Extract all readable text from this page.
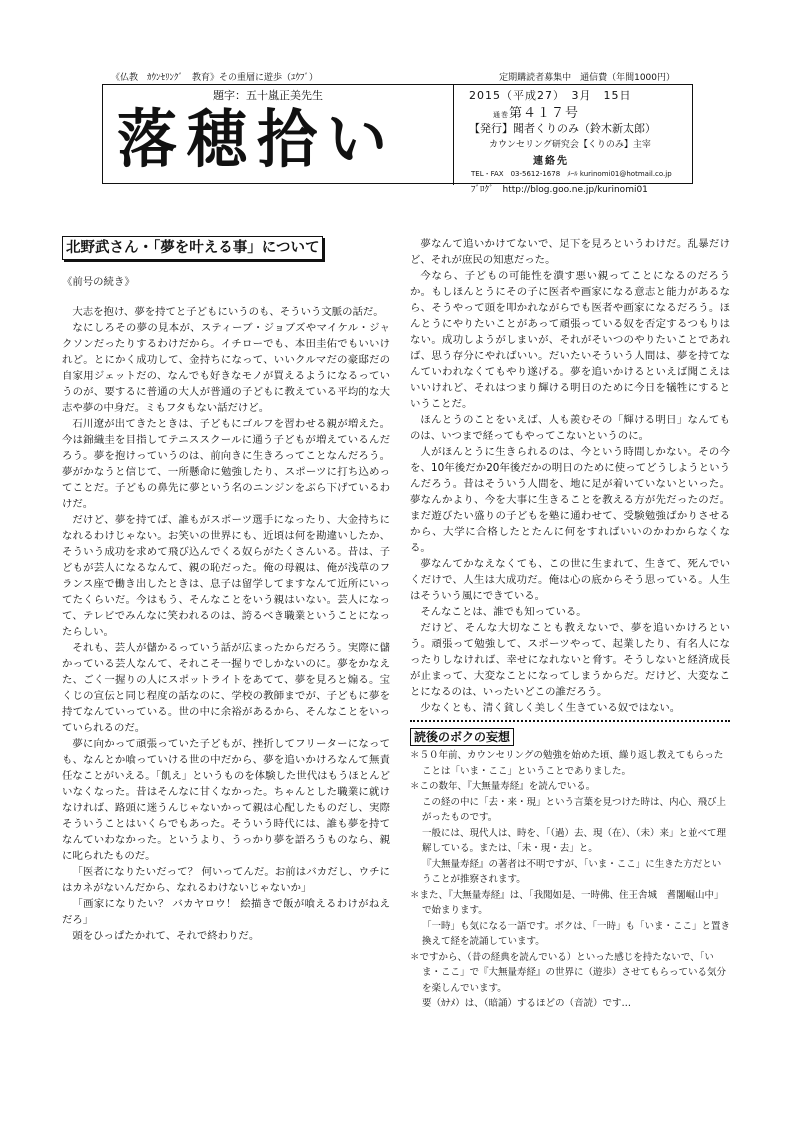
《仏教　ｶｳﾝｾﾘﾝｸﾞ　教育》その重層に遊歩（ﾕｳﾌﾞ）	定期購読者募集中　通信費（年間1000円）
題字：五十嵐正美先生
落穂拾い
2015（平成27）　3月　15日
通巻第４１７号
【発行】聞者くりのみ（鈴木新太郎）
カウンセリング研究会【くりのみ】主宰
連絡先
TEL・FAX　03-5612-1678　ﾒｰﾙ kurinomi01@hotmail.co.jp
ﾌﾞﾛｸﾞ　http://blog.goo.ne.jp/kurinomi01
北野武さん・「夢を叶える事」について
《前号の続き》
大志を抱け、夢を持てと子どもにいうのも、そういう文脈の話だ。
なにしろその夢の見本が、スティーブ・ジョブズやマイケル・ジャクソンだったりするわけだから。イチローでも、本田圭佑でもいいけれど。とにかく成功して、金持ちになって、いいクルマだの豪邸だの自家用ジェットだの、なんでも好きなモノが買えるようになるっていうのが、要するに普通の大人が普通の子どもに教えている平均的な大志や夢の中身だ。ミもフタもない話だけど。
石川遼が出てきたときは、子どもにゴルフを習わせる親が増えた。今は錦織圭を目指してテニススクールに通う子どもが増えているんだろう。夢を抱けっていうのは、前向きに生きろってことなんだろう。夢がかなうと信じて、一所懸命に勉強したり、スポーツに打ち込めってことだ。子どもの鼻先に夢という名のニンジンをぶら下げているわけだ。
だけど、夢を持てば、誰もがスポーツ選手になったり、大金持ちになれるわけじゃない。お笑いの世界にも、近頃は何を勘違いしたか、そういう成功を求めて飛び込んでくる奴らがたくさんいる。昔は、子どもが芸人になるなんて、親の恥だった。俺の母親は、俺が浅草のフランス座で働き出したときは、息子は留学してますなんて近所にいってたくらいだ。今はもう、そんなことをいう親はいない。芸人になって、テレビでみんなに笑われるのは、誇るべき職業ということになったらしい。
それも、芸人が儲かるっていう話が広まったからだろう。実際に儲かっている芸人なんて、それこそ一握りでしかないのに。夢をかなえた、ごく一握りの人にスポットライトをあてて、夢を見ろと煽る。宝くじの宣伝と同じ程度の話なのに、学校の教師までが、子どもに夢を持てなんていっている。世の中に余裕があるから、そんなことをいっていられるのだ。
夢に向かって頑張っていた子どもが、挫折してフリーターになっても、なんとか喰っていける世の中だから、夢を追いかけろなんて無責任なことがいえる。「飢え」というものを体験した世代はもうほとんどいなくなった。昔はそんなに甘くなかった。ちゃんとした職業に就けなければ、路頭に迷うんじゃないかって親は心配したものだし、実際そういうことはいくらでもあった。そういう時代には、誰も夢を持てなんていわなかった。というより、うっかり夢を語ろうものなら、親に叱られたものだ。
「医者になりたいだって？ 何いってんだ。お前はバカだし、ウチにはカネがないんだから、なれるわけないじゃないか」
「画家になりたい？ バカヤロウ！ 絵描きで飯が喰えるわけがねえだろ」
頭をひっぱたかれて、それで終わりだ。
夢なんて追いかけてないで、足下を見ろというわけだ。乱暴だけど、それが庶民の知恵だった。
今なら、子どもの可能性を潰す悪い親ってことになるのだろうか。もしほんとうにその子に医者や画家になる意志と能力があるなら、そうやって頭を叩かれながらでも医者や画家になるだろう。ほんとうにやりたいことがあって頑張っている奴を否定するつもりはない。成功しようがしまいが、それがそいつのやりたいことであれば、思う存分にやればいい。だいたいそういう人間は、夢を持てなんていわれなくてもやり遂げる。夢を追いかけるといえば聞こえはいいけれど、それはつまり輝ける明日のために今日を犠牲にするということだ。
ほんとうのことをいえば、人も羨むその「輝ける明日」なんてものは、いつまで経ってもやってこないというのに。
人がほんとうに生きられるのは、今という時間しかない。その今を、10年後だか20年後だかの明日のために使ってどうしようというんだろう。昔はそういう人間を、地に足が着いていないといった。夢なんかより、今を大事に生きることを教える方が先だったのだ。まだ遊びたい盛りの子どもを塾に通わせて、受験勉強ばかりさせるから、大学に合格したとたんに何をすればいいのかわからなくなる。
夢なんてかなえなくても、この世に生まれて、生きて、死んでいくだけで、人生は大成功だ。俺は心の底からそう思っている。人生はそういう風にできている。
そんなことは、誰でも知っている。
だけど、そんな大切なことも教えないで、夢を追いかけろという。頑張って勉強して、スポーツやって、起業したり、有名人になったりしなければ、幸せになれないと脅す。そうしないと経済成長が止まって、大変なことになってしまうからだ。だけど、大変なことになるのは、いったいどこの誰だろう。
少なくとも、清く貧しく美しく生きている奴ではない。
読後のボクの妄想
＊５０年前、カウンセリングの勉強を始めた頃、繰り返し教えてもらったことは「いま・ここ」ということでありました。
＊この数年、『大無量寿経』を読んでいる。
この経の中に「去・来・現」という言葉を見つけた時は、内心、飛び上がったものです。
一般には、現代人は、時を、「（過）去、現（在）、（未）来」と並べて理解している。または、「未・現・去」と。
『大無量寿経』の著者は不明ですが、「いま・ここ」に生きた方だということが推察されます。
＊また、『大無量寿経』は、「我聞如是、一時佛、住王舎城　耆闍崛山中」で始まります。
「一時」も気になる一語です。ボクは、「一時」も「いま・ここ」と置き換えて経を読誦しています。
＊ですから、（昔の経典を読んでいる）といった感じを持たないで、「いま・ここ」で『大無量寿経』の世界に（遊歩）させてもらっている気分を楽しんでいます。
要（ｶﾅﾒ）は、（暗誦）するほどの（音読）です…
